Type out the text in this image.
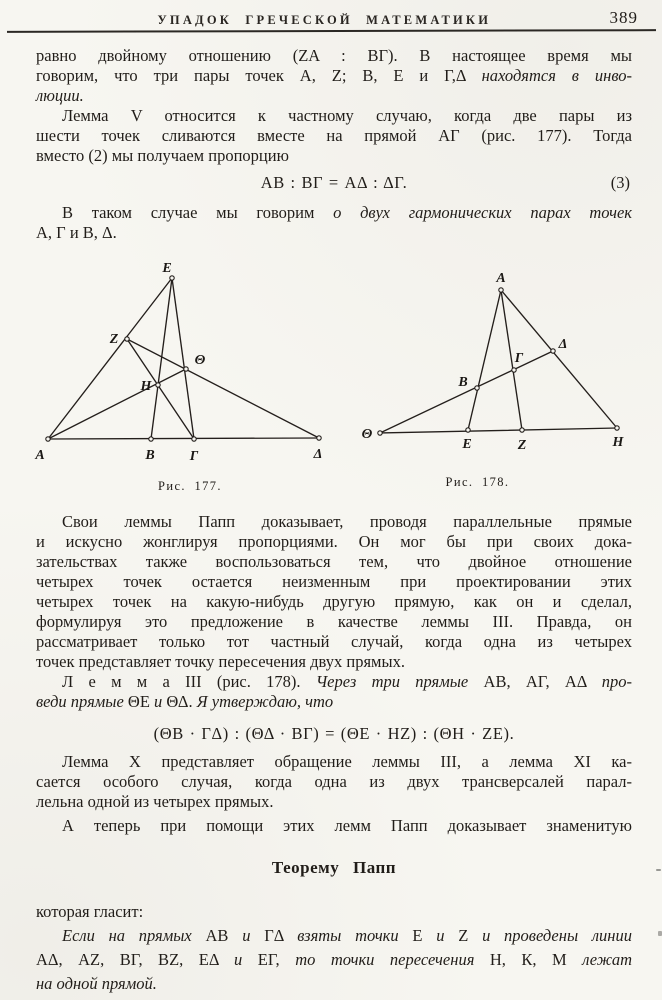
УПАДОК ГРЕЧЕСКОЙ МАТЕМАТИКИ	389
равно двойному отношению (ZA : ВГ). В настоящее время мы
говорим, что три пары точек А, Z; В, Е и Г,Δ находятся в инво-
люции.
Лемма V относится к частному случаю, когда две пары из
шести точек сливаются вместе на прямой АГ (рис. 177). Тогда
вместо (2) мы получаем пропорцию
АВ : ВГ = АΔ : ΔГ.	(3)
В таком случае мы говорим о двух гармонических парах точек
А, Г и В, Δ.
A	B	Γ	Δ
E
Z
H
Θ
A
B
Γ
Δ
Θ
E	Z	H
Рис. 177.	Рис. 178.
Свои леммы Папп доказывает, проводя параллельные прямые
и искусно жонглируя пропорциями. Он мог бы при своих дока-
зательствах также воспользоваться тем, что двойное отношение
четырех точек остается неизменным при проектировании этих
четырех точек на какую-нибудь другую прямую, как он и сделал,
формулируя это предложение в качестве леммы III. Правда, он
рассматривает только тот частный случай, когда одна из четырех
точек представляет точку пересечения двух прямых.
Л е м м а III (рис. 178). Через три прямые АВ, АГ, АΔ про-
веди прямые ΘЕ и ΘΔ. Я утверждаю, что
(ΘВ · ГΔ) : (ΘΔ · ВГ) = (ΘЕ · HZ) : (ΘН · ZЕ).
Лемма X представляет обращение леммы III, а лемма XI ка-
сается особого случая, когда одна из двух трансверсалей парал-
лельна одной из четырех прямых.
А теперь при помощи этих лемм Папп доказывает знаменитую
Теорему Папп
которая гласит:
Если на прямых АВ и ГΔ взяты точки Е и Z и проведены линии
АΔ, AZ, ВГ, BZ, ЕΔ и ЕГ, то точки пересечения Н, К, М лежат
на одной прямой.
